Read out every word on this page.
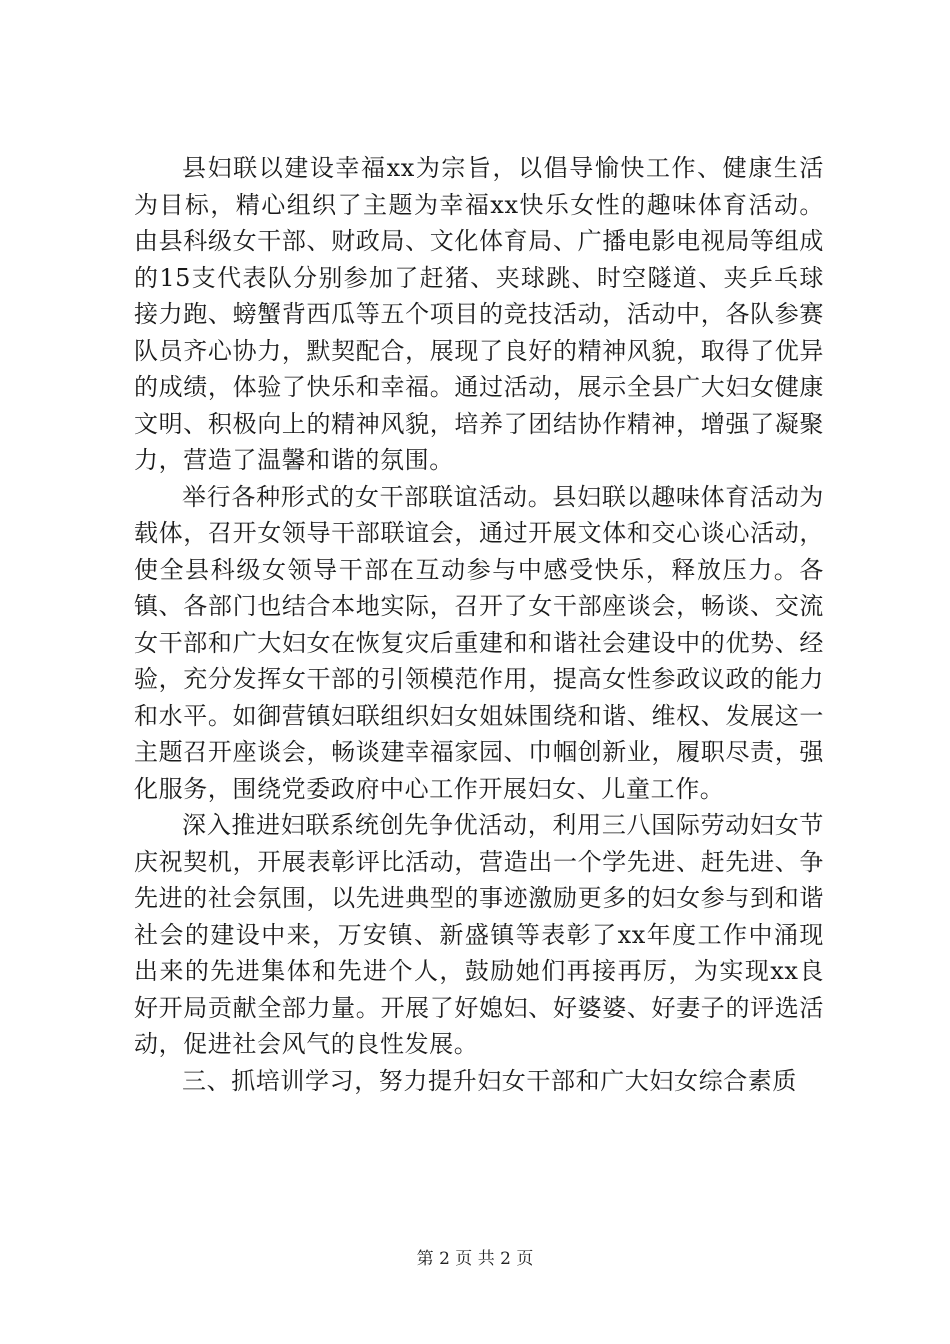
县妇联以建设幸福xx为宗旨，以倡导愉快工作、健康生活为目标，精心组织了主题为幸福xx快乐女性的趣味体育活动。由县科级女干部、财政局、文化体育局、广播电影电视局等组成的15支代表队分别参加了赶猪、夹球跳、时空隧道、夹乒乓球接力跑、螃蟹背西瓜等五个项目的竞技活动，活动中，各队参赛队员齐心协力，默契配合，展现了良好的精神风貌，取得了优异的成绩，体验了快乐和幸福。通过活动，展示全县广大妇女健康文明、积极向上的精神风貌，培养了团结协作精神，增强了凝聚力，营造了温馨和谐的氛围。

举行各种形式的女干部联谊活动。县妇联以趣味体育活动为载体，召开女领导干部联谊会，通过开展文体和交心谈心活动，使全县科级女领导干部在互动参与中感受快乐，释放压力。各镇、各部门也结合本地实际，召开了女干部座谈会，畅谈、交流女干部和广大妇女在恢复灾后重建和和谐社会建设中的优势、经验，充分发挥女干部的引领模范作用，提高女性参政议政的能力和水平。如御营镇妇联组织妇女姐妹围绕和谐、维权、发展这一主题召开座谈会，畅谈建幸福家园、巾帼创新业，履职尽责，强化服务，围绕党委政府中心工作开展妇女、儿童工作。

深入推进妇联系统创先争优活动，利用三八国际劳动妇女节庆祝契机，开展表彰评比活动，营造出一个学先进、赶先进、争先进的社会氛围，以先进典型的事迹激励更多的妇女参与到和谐社会的建设中来，万安镇、新盛镇等表彰了xx年度工作中涌现出来的先进集体和先进个人，鼓励她们再接再厉，为实现xx良好开局贡献全部力量。开展了好媳妇、好婆婆、好妻子的评选活动，促进社会风气的良性发展。

三、抓培训学习，努力提升妇女干部和广大妇女综合素质

第 2 页 共 2 页
